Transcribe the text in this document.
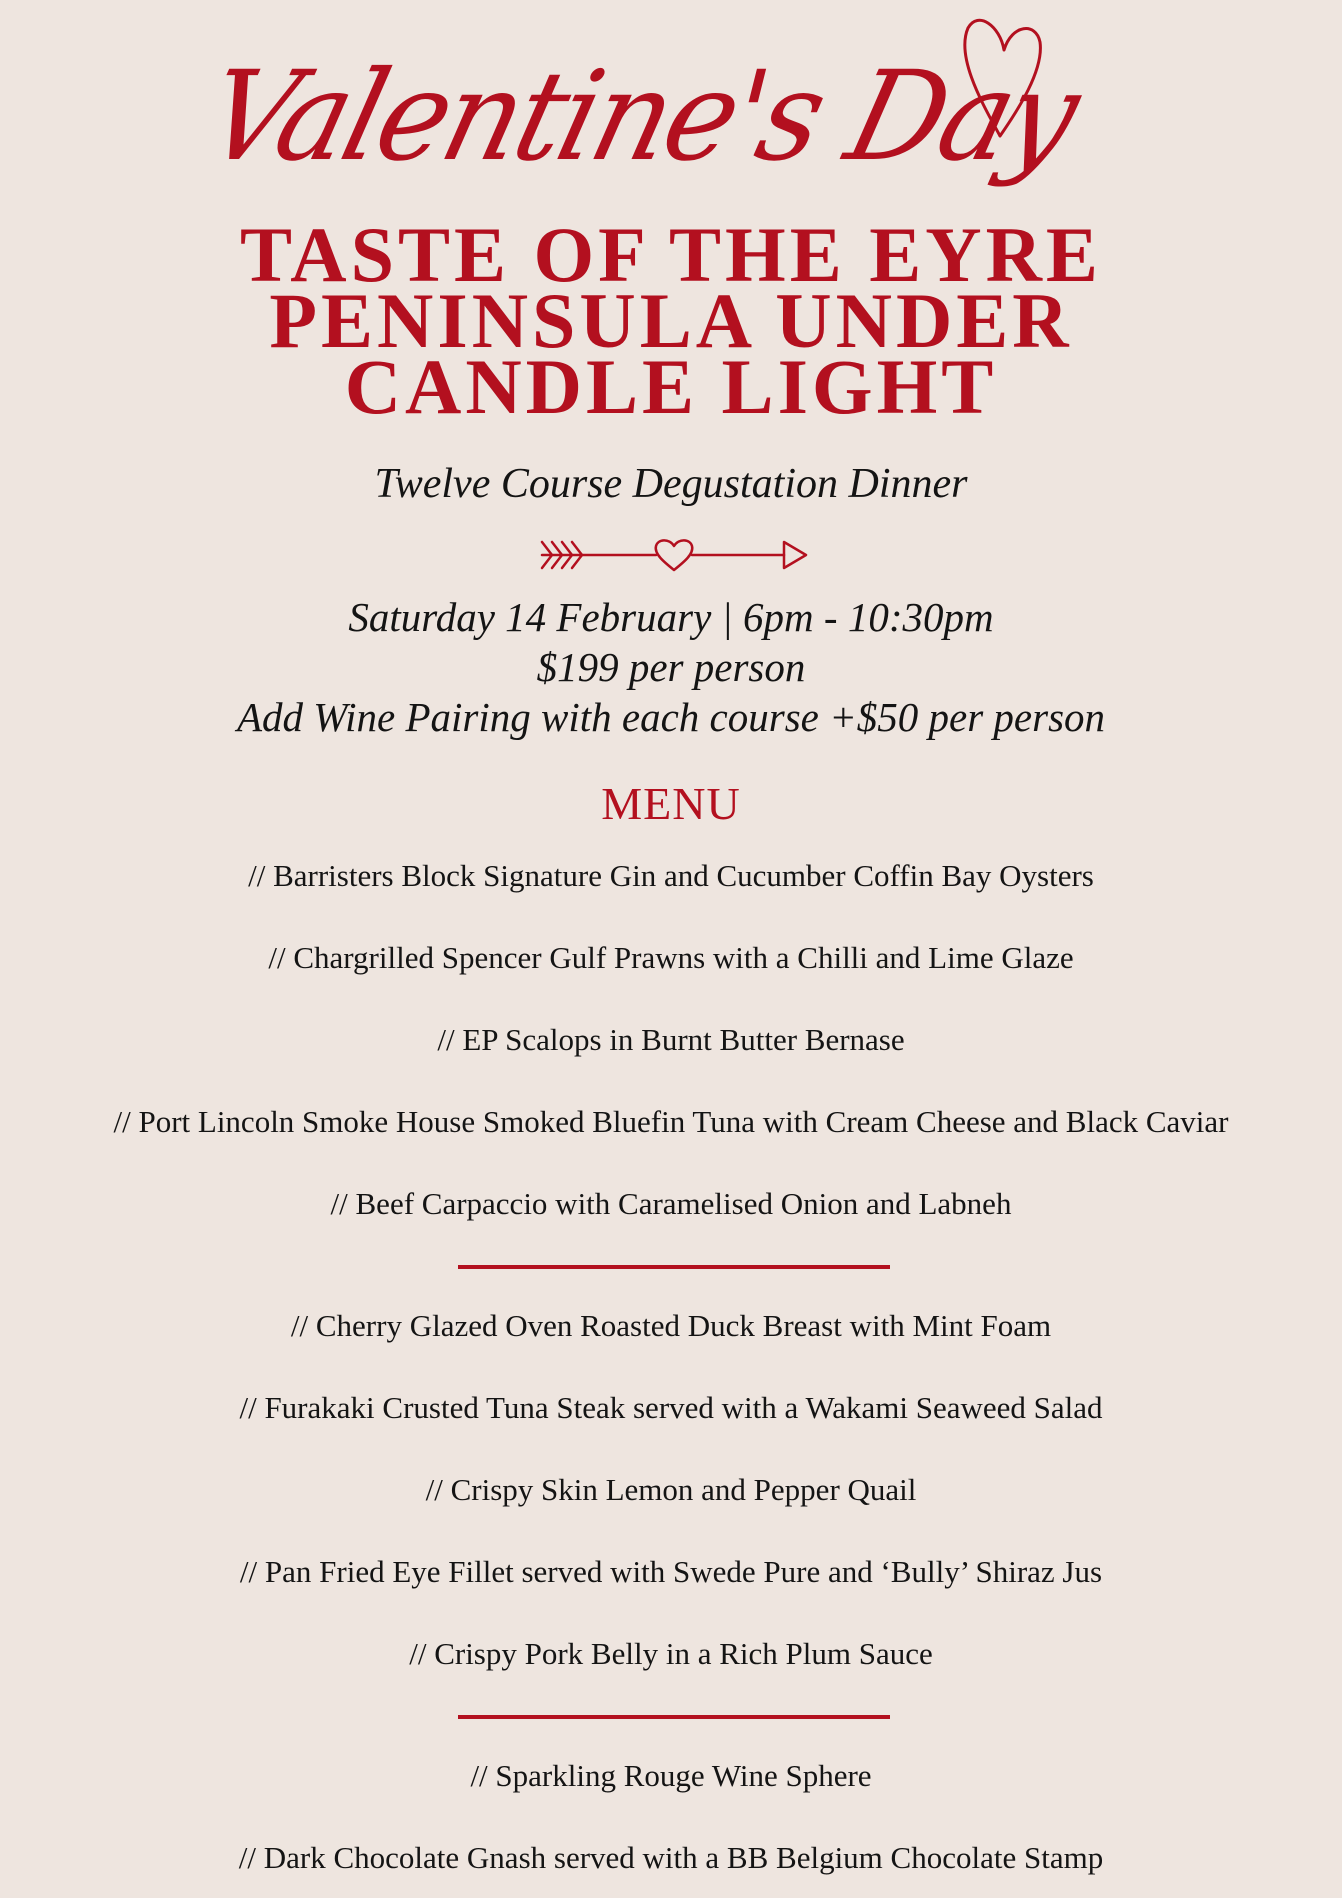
Valentine's Day
TASTE OF THE EYRE
PENINSULA UNDER
CANDLE LIGHT
Twelve Course Degustation Dinner
Saturday 14 February | 6pm - 10:30pm
$199 per person
Add Wine Pairing with each course +$50 per person
MENU
// Barristers Block Signature Gin and Cucumber Coffin Bay Oysters
// Chargrilled Spencer Gulf Prawns with a Chilli and Lime Glaze
// EP Scalops in Burnt Butter Bernase
// Port Lincoln Smoke House Smoked Bluefin Tuna with Cream Cheese and Black Caviar
// Beef Carpaccio with Caramelised Onion and Labneh
// Cherry Glazed Oven Roasted Duck Breast with Mint Foam
// Furakaki Crusted Tuna Steak served with a Wakami Seaweed Salad
// Crispy Skin Lemon and Pepper Quail
// Pan Fried Eye Fillet served with Swede Pure and ‘Bully’ Shiraz Jus
// Crispy Pork Belly in a Rich Plum Sauce
// Sparkling Rouge Wine Sphere
// Dark Chocolate Gnash served with a BB Belgium Chocolate Stamp
